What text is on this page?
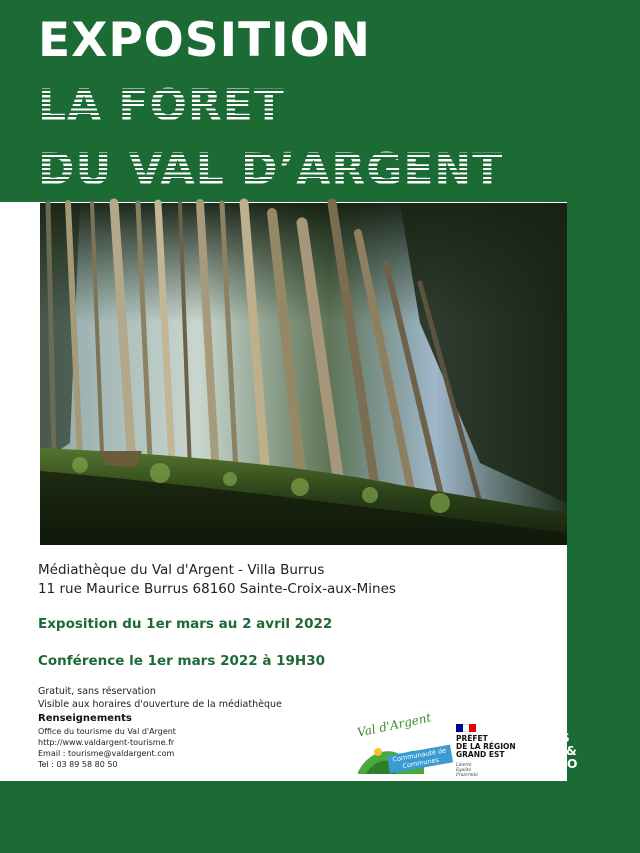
EXPOSITION
LA FORET
DU VAL D’ARGENT

Médiathèque du Val d'Argent - Villa Burrus

11 rue Maurice Burrus 68160 Sainte-Croix-aux-Mines

Exposition du 1er mars au 2 avril 2022

Conférence le 1er mars 2022 à 19H30

Gratuit, sans réservation

Visible aux horaires d'ouverture de la médiathèque

Renseignements

Office du tourisme du Val d'Argent

http://www.valdargent-tourisme.fr

Email : tourisme@valdargent.com

Tel : 03 89 58 80 50

Val d'Argent

Communauté de Communes

PRÉFET

DE LA RÉGION

GRAND EST

Liberté

Égalité

Fraternité

VILLES

& PAYS

D'ART &

D'HISTO

OIRE
